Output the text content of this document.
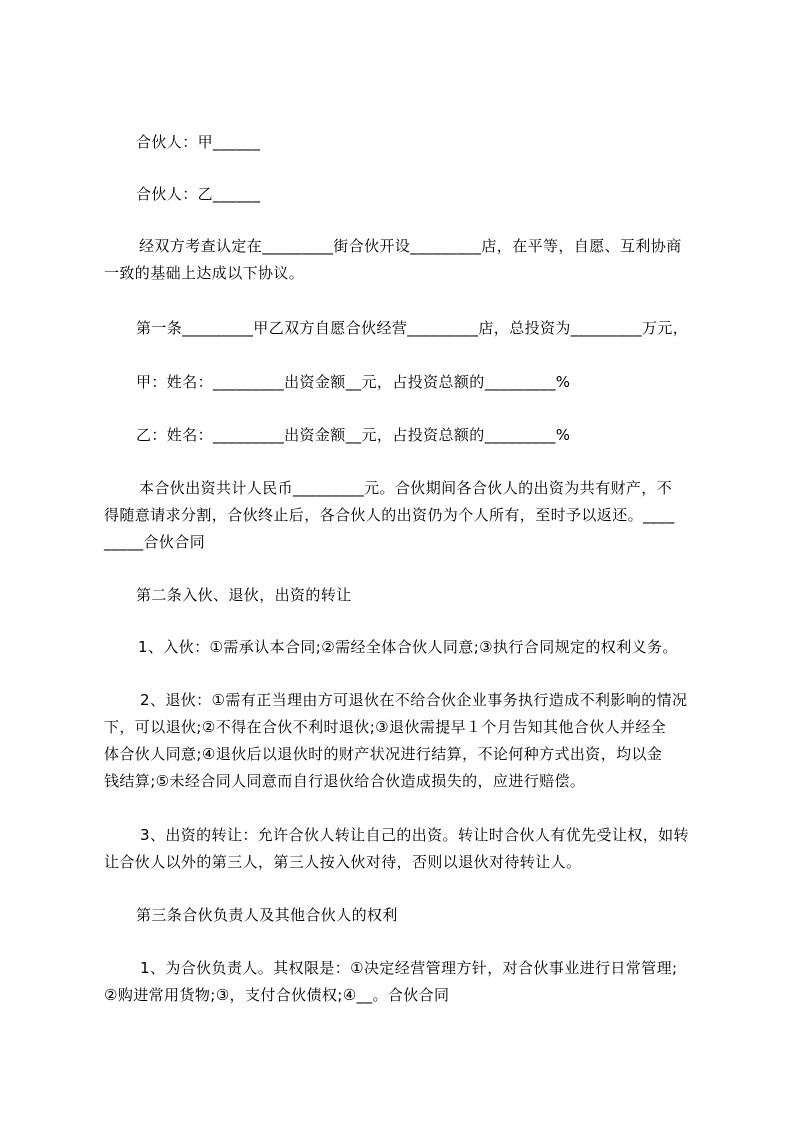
合伙人：甲______
合伙人：乙______
经双方考查认定在_________街合伙开设_________店，在平等，自愿、互利协商
一致的基础上达成以下协议。
第一条_________甲乙双方自愿合伙经营_________店，总投资为_________万元，
甲：姓名：_________出资金额__元，占投资总额的_________%
乙：姓名：_________出资金额__元，占投资总额的_________%
本合伙出资共计人民币_________元。合伙期间各合伙人的出资为共有财产，不
得随意请求分割，合伙终止后，各合伙人的出资仍为个人所有，至时予以返还。____
_____合伙合同
第二条入伙、退伙，出资的转让
1、入伙：①需承认本合同;②需经全体合伙人同意;③执行合同规定的权利义务。
2、退伙：①需有正当理由方可退伙在不给合伙企业事务执行造成不利影响的情况
下，可以退伙;②不得在合伙不利时退伙;③退伙需提早１个月告知其他合伙人并经全
体合伙人同意;④退伙后以退伙时的财产状况进行结算，不论何种方式出资，均以金
钱结算;⑤未经合同人同意而自行退伙给合伙造成损失的，应进行赔偿。
3、出资的转让：允许合伙人转让自己的出资。转让时合伙人有优先受让权，如转
让合伙人以外的第三人，第三人按入伙对待，否则以退伙对待转让人。
第三条合伙负责人及其他合伙人的权利
1、为合伙负责人。其权限是：①决定经营管理方针，对合伙事业进行日常管理;
②购进常用货物;③，支付合伙债权;④__。合伙合同
